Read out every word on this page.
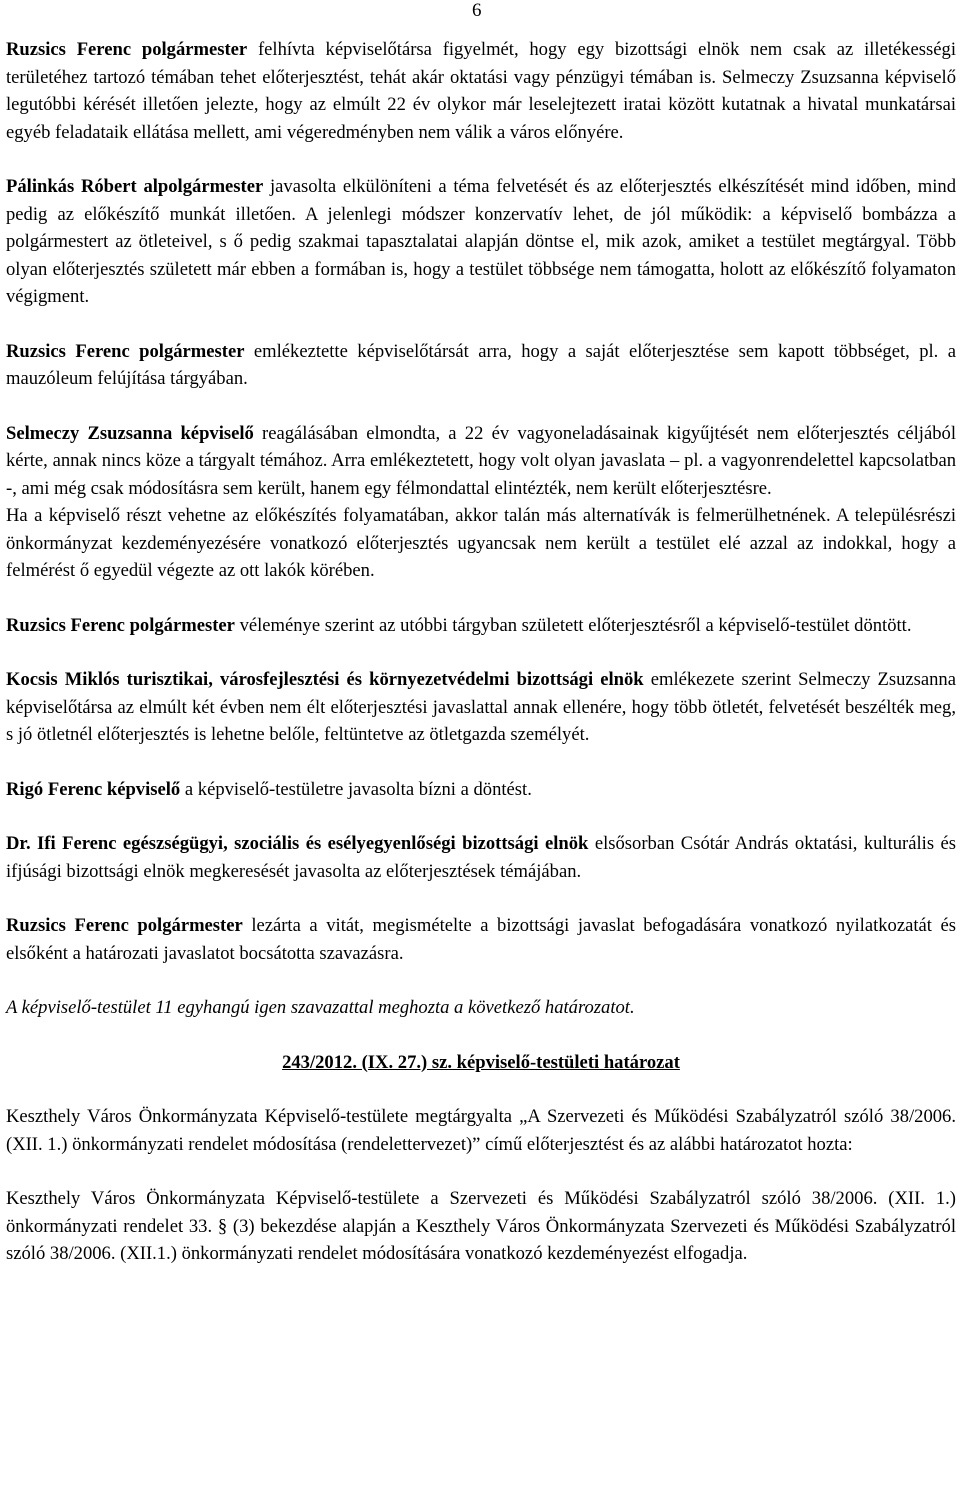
6

Ruzsics Ferenc polgármester felhívta képviselőtársa figyelmét, hogy egy bizottsági elnök nem csak az illetékességi területéhez tartozó témában tehet előterjesztést, tehát akár oktatási vagy pénzügyi témában is. Selmeczy Zsuzsanna képviselő legutóbbi kérését illetően jelezte, hogy az elmúlt 22 év olykor már leselejtezett iratai között kutatnak a hivatal munkatársai egyéb feladataik ellátása mellett, ami végeredményben nem válik a város előnyére.

Pálinkás Róbert alpolgármester javasolta elkülöníteni a téma felvetését és az előterjesztés elkészítését mind időben, mind pedig az előkészítő munkát illetően. A jelenlegi módszer konzervatív lehet, de jól működik: a képviselő bombázza a polgármestert az ötleteivel, s ő pedig szakmai tapasztalatai alapján döntse el, mik azok, amiket a testület megtárgyal. Több olyan előterjesztés született már ebben a formában is, hogy a testület többsége nem támogatta, holott az előkészítő folyamaton végigment.

Ruzsics Ferenc polgármester emlékeztette képviselőtársát arra, hogy a saját előterjesztése sem kapott többséget, pl. a mauzóleum felújítása tárgyában.

Selmeczy Zsuzsanna képviselő reagálásában elmondta, a 22 év vagyoneladásainak kigyűjtését nem előterjesztés céljából kérte, annak nincs köze a tárgyalt témához. Arra emlékeztetett, hogy volt olyan javaslata – pl. a vagyonrendelettel kapcsolatban -, ami még csak módosításra sem került, hanem egy félmondattal elintézték, nem került előterjesztésre.

Ha a képviselő részt vehetne az előkészítés folyamatában, akkor talán más alternatívák is felmerülhetnének. A településrészi önkormányzat kezdeményezésére vonatkozó előterjesztés ugyancsak nem került a testület elé azzal az indokkal, hogy a felmérést ő egyedül végezte az ott lakók körében.

Ruzsics Ferenc polgármester véleménye szerint az utóbbi tárgyban született előterjesztésről a képviselő-testület döntött.

Kocsis Miklós turisztikai, városfejlesztési és környezetvédelmi bizottsági elnök emlékezete szerint Selmeczy Zsuzsanna képviselőtársa az elmúlt két évben nem élt előterjesztési javaslattal annak ellenére, hogy több ötletét, felvetését beszélték meg, s jó ötletnél előterjesztés is lehetne belőle, feltüntetve az ötletgazda személyét.

Rigó Ferenc képviselő a képviselő-testületre javasolta bízni a döntést.

Dr. Ifi Ferenc egészségügyi, szociális és esélyegyenlőségi bizottsági elnök elsősorban Csótár András oktatási, kulturális és ifjúsági bizottsági elnök megkeresését javasolta az előterjesztések témájában.

Ruzsics Ferenc polgármester lezárta a vitát, megismételte a bizottsági javaslat befogadására vonatkozó nyilatkozatát és elsőként a határozati javaslatot bocsátotta szavazásra.

A képviselő-testület 11 egyhangú igen szavazattal meghozta a következő határozatot.

243/2012. (IX. 27.) sz. képviselő-testületi határozat

Keszthely Város Önkormányzata Képviselő-testülete megtárgyalta „A Szervezeti és Működési Szabályzatról szóló 38/2006. (XII. 1.) önkormányzati rendelet módosítása (rendelettervezet)” című előterjesztést és az alábbi határozatot hozta:

Keszthely Város Önkormányzata Képviselő-testülete a Szervezeti és Működési Szabályzatról szóló 38/2006. (XII. 1.) önkormányzati rendelet 33. § (3) bekezdése alapján a Keszthely Város Önkormányzata Szervezeti és Működési Szabályzatról szóló 38/2006. (XII.1.) önkormányzati rendelet módosítására vonatkozó kezdeményezést elfogadja.
